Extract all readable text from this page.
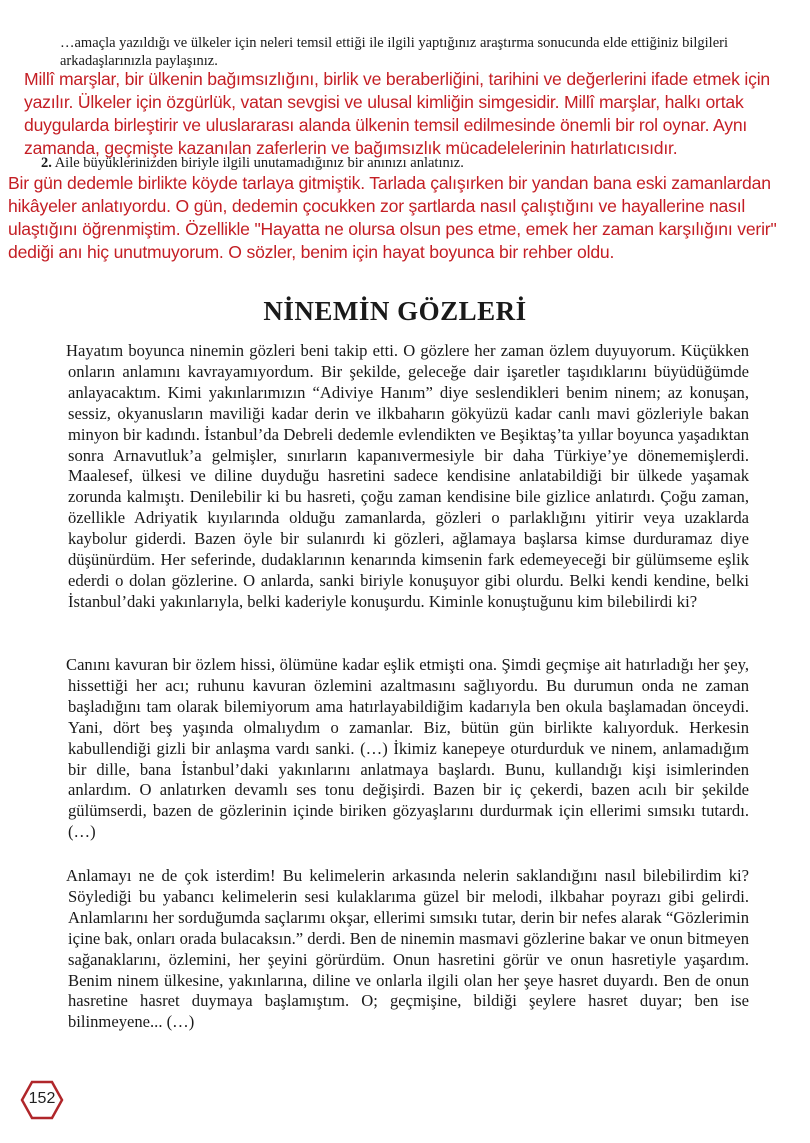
…amaçla yazıldığı ve ülkeler için neleri temsil ettiği ile ilgili yaptığınız araştırma sonucunda elde ettiğiniz bilgileri arkadaşlarınızla paylaşınız.
Millî marşlar, bir ülkenin bağımsızlığını, birlik ve beraberliğini, tarihini ve değerlerini ifade etmek için yazılır. Ülkeler için özgürlük, vatan sevgisi ve ulusal kimliğin simgesidir. Millî marşlar, halkı ortak duygularda birleştirir ve uluslararası alanda ülkenin temsil edilmesinde önemli bir rol oynar. Aynı zamanda, geçmişte kazanılan zaferlerin ve bağımsızlık mücadelelerinin hatırlatıcısıdır.
2. Aile büyüklerinizden biriyle ilgili unutamadığınız bir anınızı anlatınız.
Bir gün dedemle birlikte köyde tarlaya gitmiştik. Tarlada çalışırken bir yandan bana eski zamanlardan hikâyeler anlatıyordu. O gün, dedemin çocukken zor şartlarda nasıl çalıştığını ve hayallerine nasıl ulaştığını öğrenmiştim. Özellikle "Hayatta ne olursa olsun pes etme, emek her zaman karşılığını verir" dediği anı hiç unutmuyorum. O sözler, benim için hayat boyunca bir rehber oldu.
NİNEMİN GÖZLERİ

Hayatım boyunca ninemin gözleri beni takip etti. O gözlere her zaman özlem duyuyorum. Küçükken onların anlamını kavrayamıyordum. Bir şekilde, geleceğe dair işaretler taşıdıklarını büyüdüğümde anlayacaktım. Kimi yakınlarımızın “Adiviye Hanım” diye seslendikleri benim ninem; az konuşan, sessiz, okyanusların maviliği kadar derin ve ilkbaharın gökyüzü kadar canlı mavi gözleriyle bakan minyon bir kadındı. İstanbul’da Debreli dedemle evlendikten ve Beşiktaş’ta yıllar boyunca yaşadıktan sonra Arnavutluk’a gelmişler, sınırların kapanıvermesiyle bir daha Türkiye’ye dönememişlerdi. Maalesef, ülkesi ve diline duyduğu hasretini sadece kendisine anlatabildiği bir ülkede yaşamak zorunda kalmıştı. Denilebilir ki bu hasreti, çoğu zaman kendisine bile gizlice anlatırdı. Çoğu zaman, özellikle Adriyatik kıyılarında olduğu zamanlarda, gözleri o parlaklığını yitirir veya uzaklarda kaybolur giderdi. Bazen öyle bir sulanırdı ki gözleri, ağlamaya başlarsa kimse durduramaz diye düşünürdüm. Her seferinde, dudaklarının kenarında kimsenin fark edemeyeceği bir gülümseme eşlik ederdi o dolan gözlerine. O anlarda, sanki biriyle konuşuyor gibi olurdu. Belki kendi kendine, belki İstanbul’daki yakınlarıyla, belki kaderiyle konuşurdu. Kiminle konuştuğunu kim bilebilirdi ki?

Canını kavuran bir özlem hissi, ölümüne kadar eşlik etmişti ona. Şimdi geçmişe ait hatırladığı her şey, hissettiği her acı; ruhunu kavuran özlemini azaltmasını sağlıyordu. Bu durumun onda ne zaman başladığını tam olarak bilemiyorum ama hatırlayabildiğim kadarıyla ben okula başlamadan önceydi. Yani, dört beş yaşında olmalıydım o zamanlar. Biz, bütün gün birlikte kalıyorduk. Herkesin kabullendiği gizli bir anlaşma vardı sanki. (…) İkimiz kanepeye oturdurduk ve ninem, anlamadığım bir dille, bana İstanbul’daki yakınlarını anlatmaya başlardı. Bunu, kullandığı kişi isimlerinden anlardım. O anlatırken devamlı ses tonu değişirdi. Bazen bir iç çekerdi, bazen acılı bir şekilde gülümserdi, bazen de gözlerinin içinde biriken gözyaşlarını durdurmak için ellerimi sımsıkı tutardı. (…)

Anlamayı ne de çok isterdim! Bu kelimelerin arkasında nelerin saklandığını nasıl bilebilirdim ki? Söylediği bu yabancı kelimelerin sesi kulaklarıma güzel bir melodi, ilkbahar poyrazı gibi gelirdi. Anlamlarını her sorduğumda saçlarımı okşar, ellerimi sımsıkı tutar, derin bir nefes alarak “Gözlerimin içine bak, onları orada bulacaksın.” derdi. Ben de ninemin masmavi gözlerine bakar ve onun bitmeyen sağanaklarını, özlemini, her şeyini görürdüm. Onun hasretini görür ve onun hasretiyle yaşardım. Benim ninem ülkesine, yakınlarına, diline ve onlarla ilgili olan her şeye hasret duyardı. Ben de onun hasretine hasret duymaya başlamıştım. O; geçmişine, bildiği şeylere hasret duyar; ben ise bilinmeyene... (…)

152
